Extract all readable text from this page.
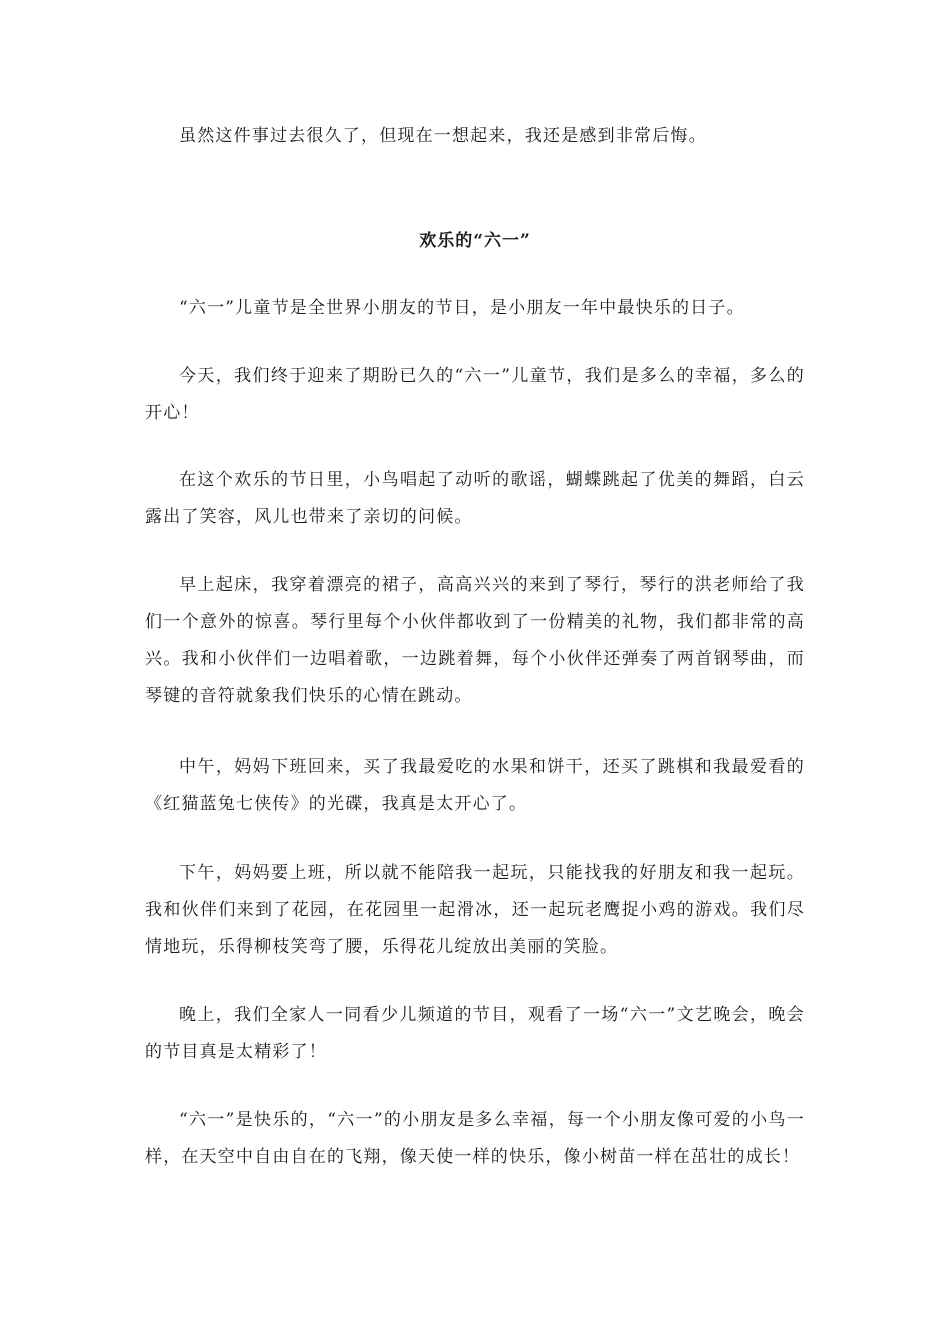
虽然这件事过去很久了，但现在一想起来，我还是感到非常后悔。

欢乐的“六一”

“六一”儿童节是全世界小朋友的节日，是小朋友一年中最快乐的日子。

今天，我们终于迎来了期盼已久的“六一”儿童节，我们是多么的幸福，多么的开心！

在这个欢乐的节日里，小鸟唱起了动听的歌谣，蝴蝶跳起了优美的舞蹈，白云露出了笑容，风儿也带来了亲切的问候。

早上起床，我穿着漂亮的裙子，高高兴兴的来到了琴行，琴行的洪老师给了我们一个意外的惊喜。琴行里每个小伙伴都收到了一份精美的礼物，我们都非常的高兴。我和小伙伴们一边唱着歌，一边跳着舞，每个小伙伴还弹奏了两首钢琴曲，而琴键的音符就象我们快乐的心情在跳动。

中午，妈妈下班回来，买了我最爱吃的水果和饼干，还买了跳棋和我最爱看的《红猫蓝兔七侠传》的光碟，我真是太开心了。

下午，妈妈要上班，所以就不能陪我一起玩，只能找我的好朋友和我一起玩。我和伙伴们来到了花园，在花园里一起滑冰，还一起玩老鹰捉小鸡的游戏。我们尽情地玩，乐得柳枝笑弯了腰，乐得花儿绽放出美丽的笑脸。

晚上，我们全家人一同看少儿频道的节目，观看了一场“六一”文艺晚会，晚会的节目真是太精彩了！

“六一”是快乐的，“六一”的小朋友是多么幸福，每一个小朋友像可爱的小鸟一样，在天空中自由自在的飞翔，像天使一样的快乐，像小树苗一样在茁壮的成长！
